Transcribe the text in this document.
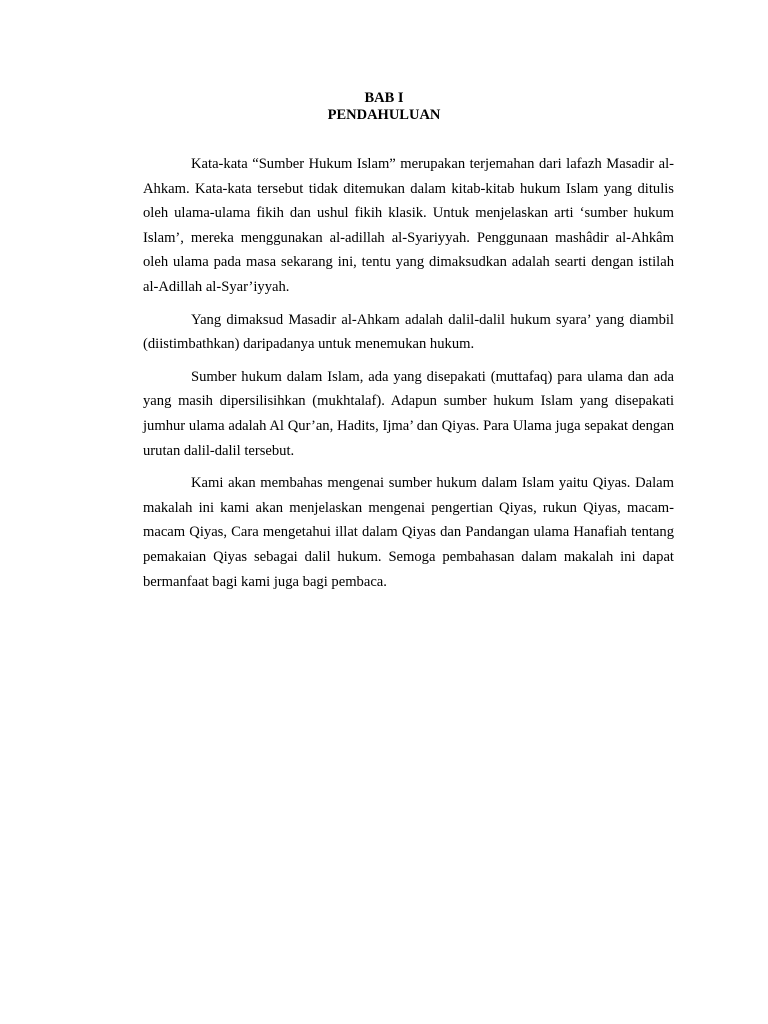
BAB I
PENDAHULUAN

Kata-kata “Sumber Hukum Islam” merupakan terjemahan dari lafazh Masadir al-Ahkam. Kata-kata tersebut tidak ditemukan dalam kitab-kitab hukum Islam yang ditulis oleh ulama-ulama fikih dan ushul fikih klasik. Untuk menjelaskan arti ‘sumber hukum Islam’, mereka menggunakan al-adillah al-Syariyyah. Penggunaan mashâdir al-Ahkâm oleh ulama pada masa sekarang ini, tentu yang dimaksudkan adalah searti dengan istilah al-Adillah al-Syar’iyyah.

Yang dimaksud Masadir al-Ahkam adalah dalil-dalil hukum syara’ yang diambil (diistimbathkan) daripadanya untuk menemukan hukum.

Sumber hukum dalam Islam, ada yang disepakati (muttafaq) para ulama dan ada yang masih dipersilisihkan (mukhtalaf). Adapun sumber hukum Islam yang disepakati jumhur ulama adalah Al Qur’an, Hadits, Ijma’ dan Qiyas. Para Ulama juga sepakat dengan urutan dalil-dalil tersebut.

Kami akan membahas mengenai sumber hukum dalam Islam yaitu Qiyas. Dalam makalah ini kami akan menjelaskan mengenai pengertian Qiyas, rukun Qiyas, macam-macam Qiyas, Cara mengetahui illat dalam Qiyas dan Pandangan ulama Hanafiah tentang pemakaian Qiyas sebagai dalil hukum. Semoga pembahasan dalam makalah ini dapat bermanfaat bagi kami juga bagi pembaca.
